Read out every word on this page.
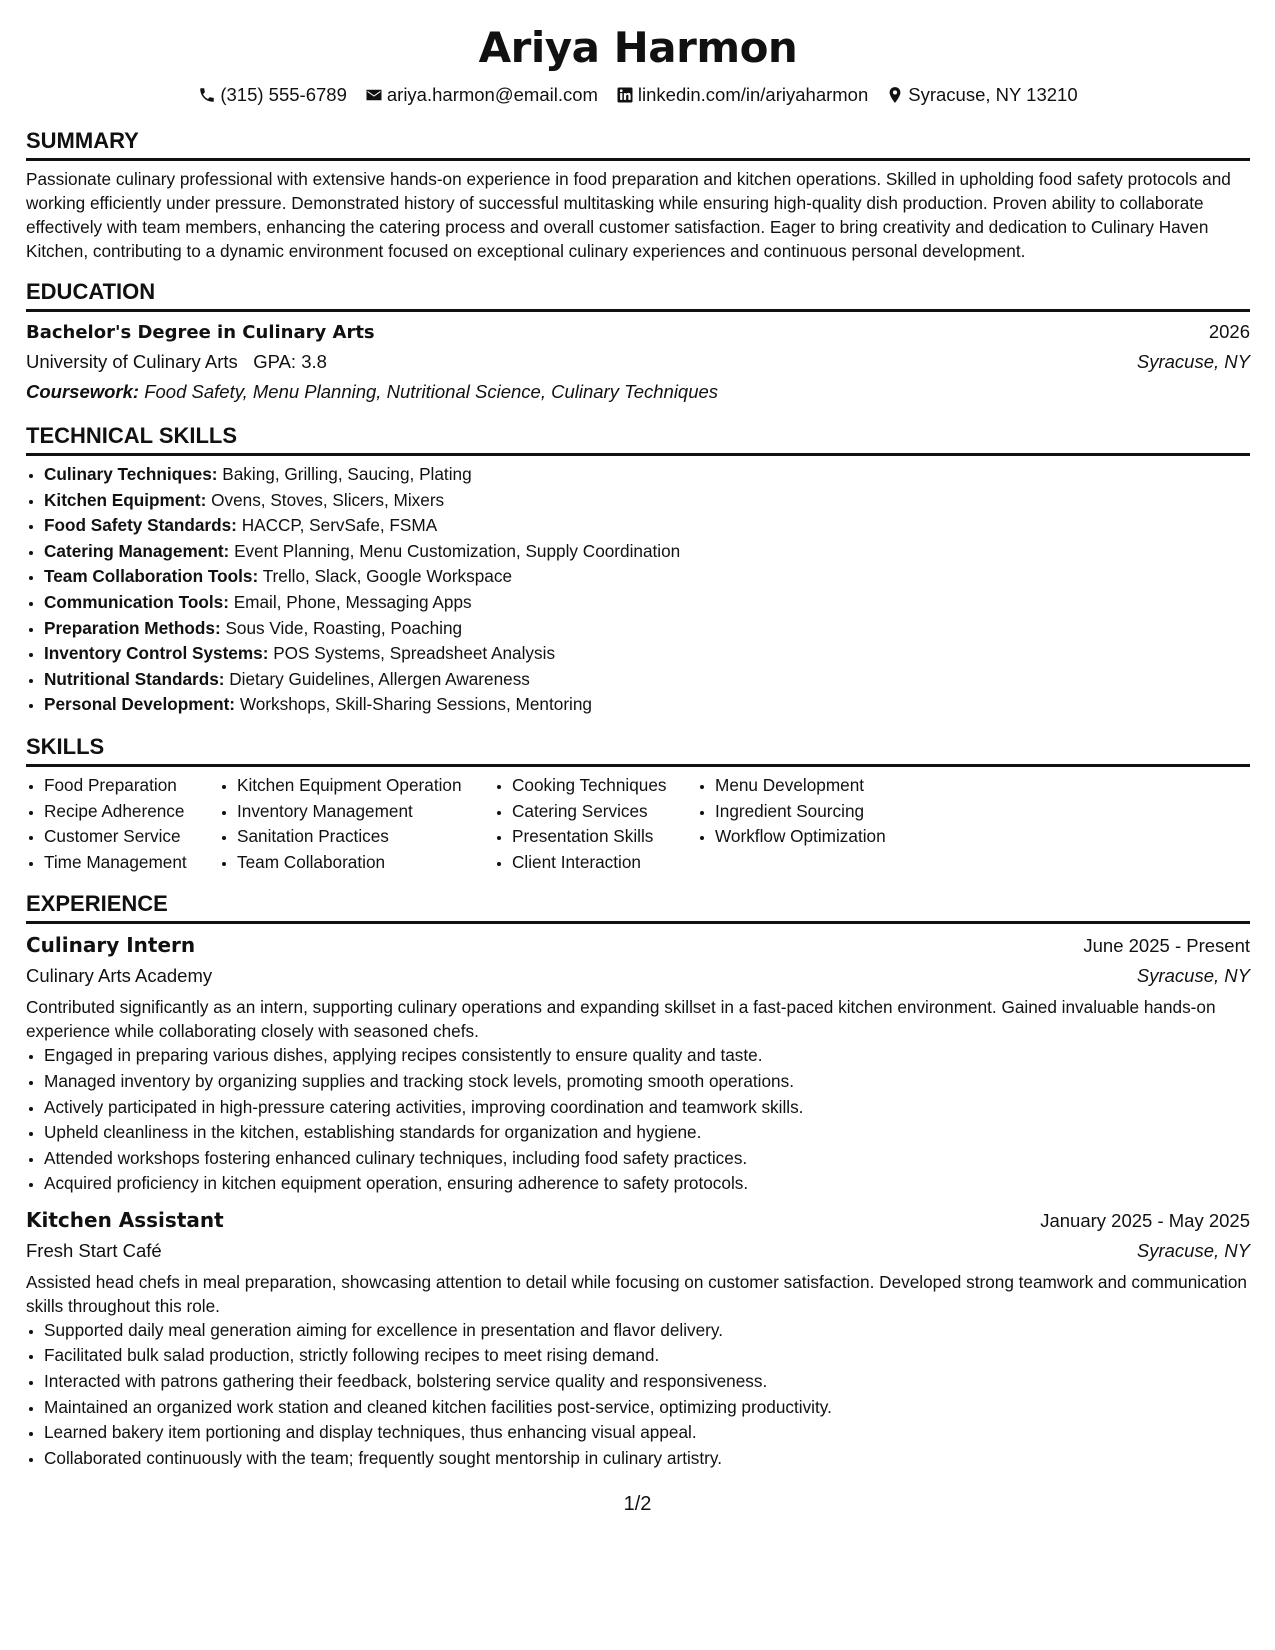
Ariya Harmon
(315) 555-6789 ariya.harmon@email.com linkedin.com/in/ariyaharmon Syracuse, NY 13210
SUMMARY

Passionate culinary professional with extensive hands-on experience in food preparation and kitchen operations. Skilled in upholding food safety protocols and working efficiently under pressure. Demonstrated history of successful multitasking while ensuring high-quality dish production. Proven ability to collaborate effectively with team members, enhancing the catering process and overall customer satisfaction. Eager to bring creativity and dedication to Culinary Haven Kitchen, contributing to a dynamic environment focused on exceptional culinary experiences and continuous personal development.

EDUCATION
Bachelor's Degree in Culinary Arts	2026
University of Culinary Arts GPA: 3.8	Syracuse, NY
Coursework: Food Safety, Menu Planning, Nutritional Science, Culinary Techniques
TECHNICAL SKILLS
• Culinary Techniques: Baking, Grilling, Saucing, Plating
• Kitchen Equipment: Ovens, Stoves, Slicers, Mixers
• Food Safety Standards: HACCP, ServSafe, FSMA
• Catering Management: Event Planning, Menu Customization, Supply Coordination
• Team Collaboration Tools: Trello, Slack, Google Workspace
• Communication Tools: Email, Phone, Messaging Apps
• Preparation Methods: Sous Vide, Roasting, Poaching
• Inventory Control Systems: POS Systems, Spreadsheet Analysis
• Nutritional Standards: Dietary Guidelines, Allergen Awareness
• Personal Development: Workshops, Skill-Sharing Sessions, Mentoring
SKILLS
• Food Preparation
• Recipe Adherence
• Customer Service
• Time Management
• Kitchen Equipment Operation
• Inventory Management
• Sanitation Practices
• Team Collaboration
• Cooking Techniques
• Catering Services
• Presentation Skills
• Client Interaction
• Menu Development
• Ingredient Sourcing
• Workflow Optimization
EXPERIENCE
Culinary Intern	June 2025 - Present
Culinary Arts Academy	Syracuse, NY

Contributed significantly as an intern, supporting culinary operations and expanding skillset in a fast-paced kitchen environment. Gained invaluable hands-on experience while collaborating closely with seasoned chefs.

• Engaged in preparing various dishes, applying recipes consistently to ensure quality and taste.
• Managed inventory by organizing supplies and tracking stock levels, promoting smooth operations.
• Actively participated in high-pressure catering activities, improving coordination and teamwork skills.
• Upheld cleanliness in the kitchen, establishing standards for organization and hygiene.
• Attended workshops fostering enhanced culinary techniques, including food safety practices.
• Acquired proficiency in kitchen equipment operation, ensuring adherence to safety protocols.
Kitchen Assistant	January 2025 - May 2025
Fresh Start Café	Syracuse, NY

Assisted head chefs in meal preparation, showcasing attention to detail while focusing on customer satisfaction. Developed strong teamwork and communication skills throughout this role.

• Supported daily meal generation aiming for excellence in presentation and flavor delivery.
• Facilitated bulk salad production, strictly following recipes to meet rising demand.
• Interacted with patrons gathering their feedback, bolstering service quality and responsiveness.
• Maintained an organized work station and cleaned kitchen facilities post-service, optimizing productivity.
• Learned bakery item portioning and display techniques, thus enhancing visual appeal.
• Collaborated continuously with the team; frequently sought mentorship in culinary artistry.
1/2
